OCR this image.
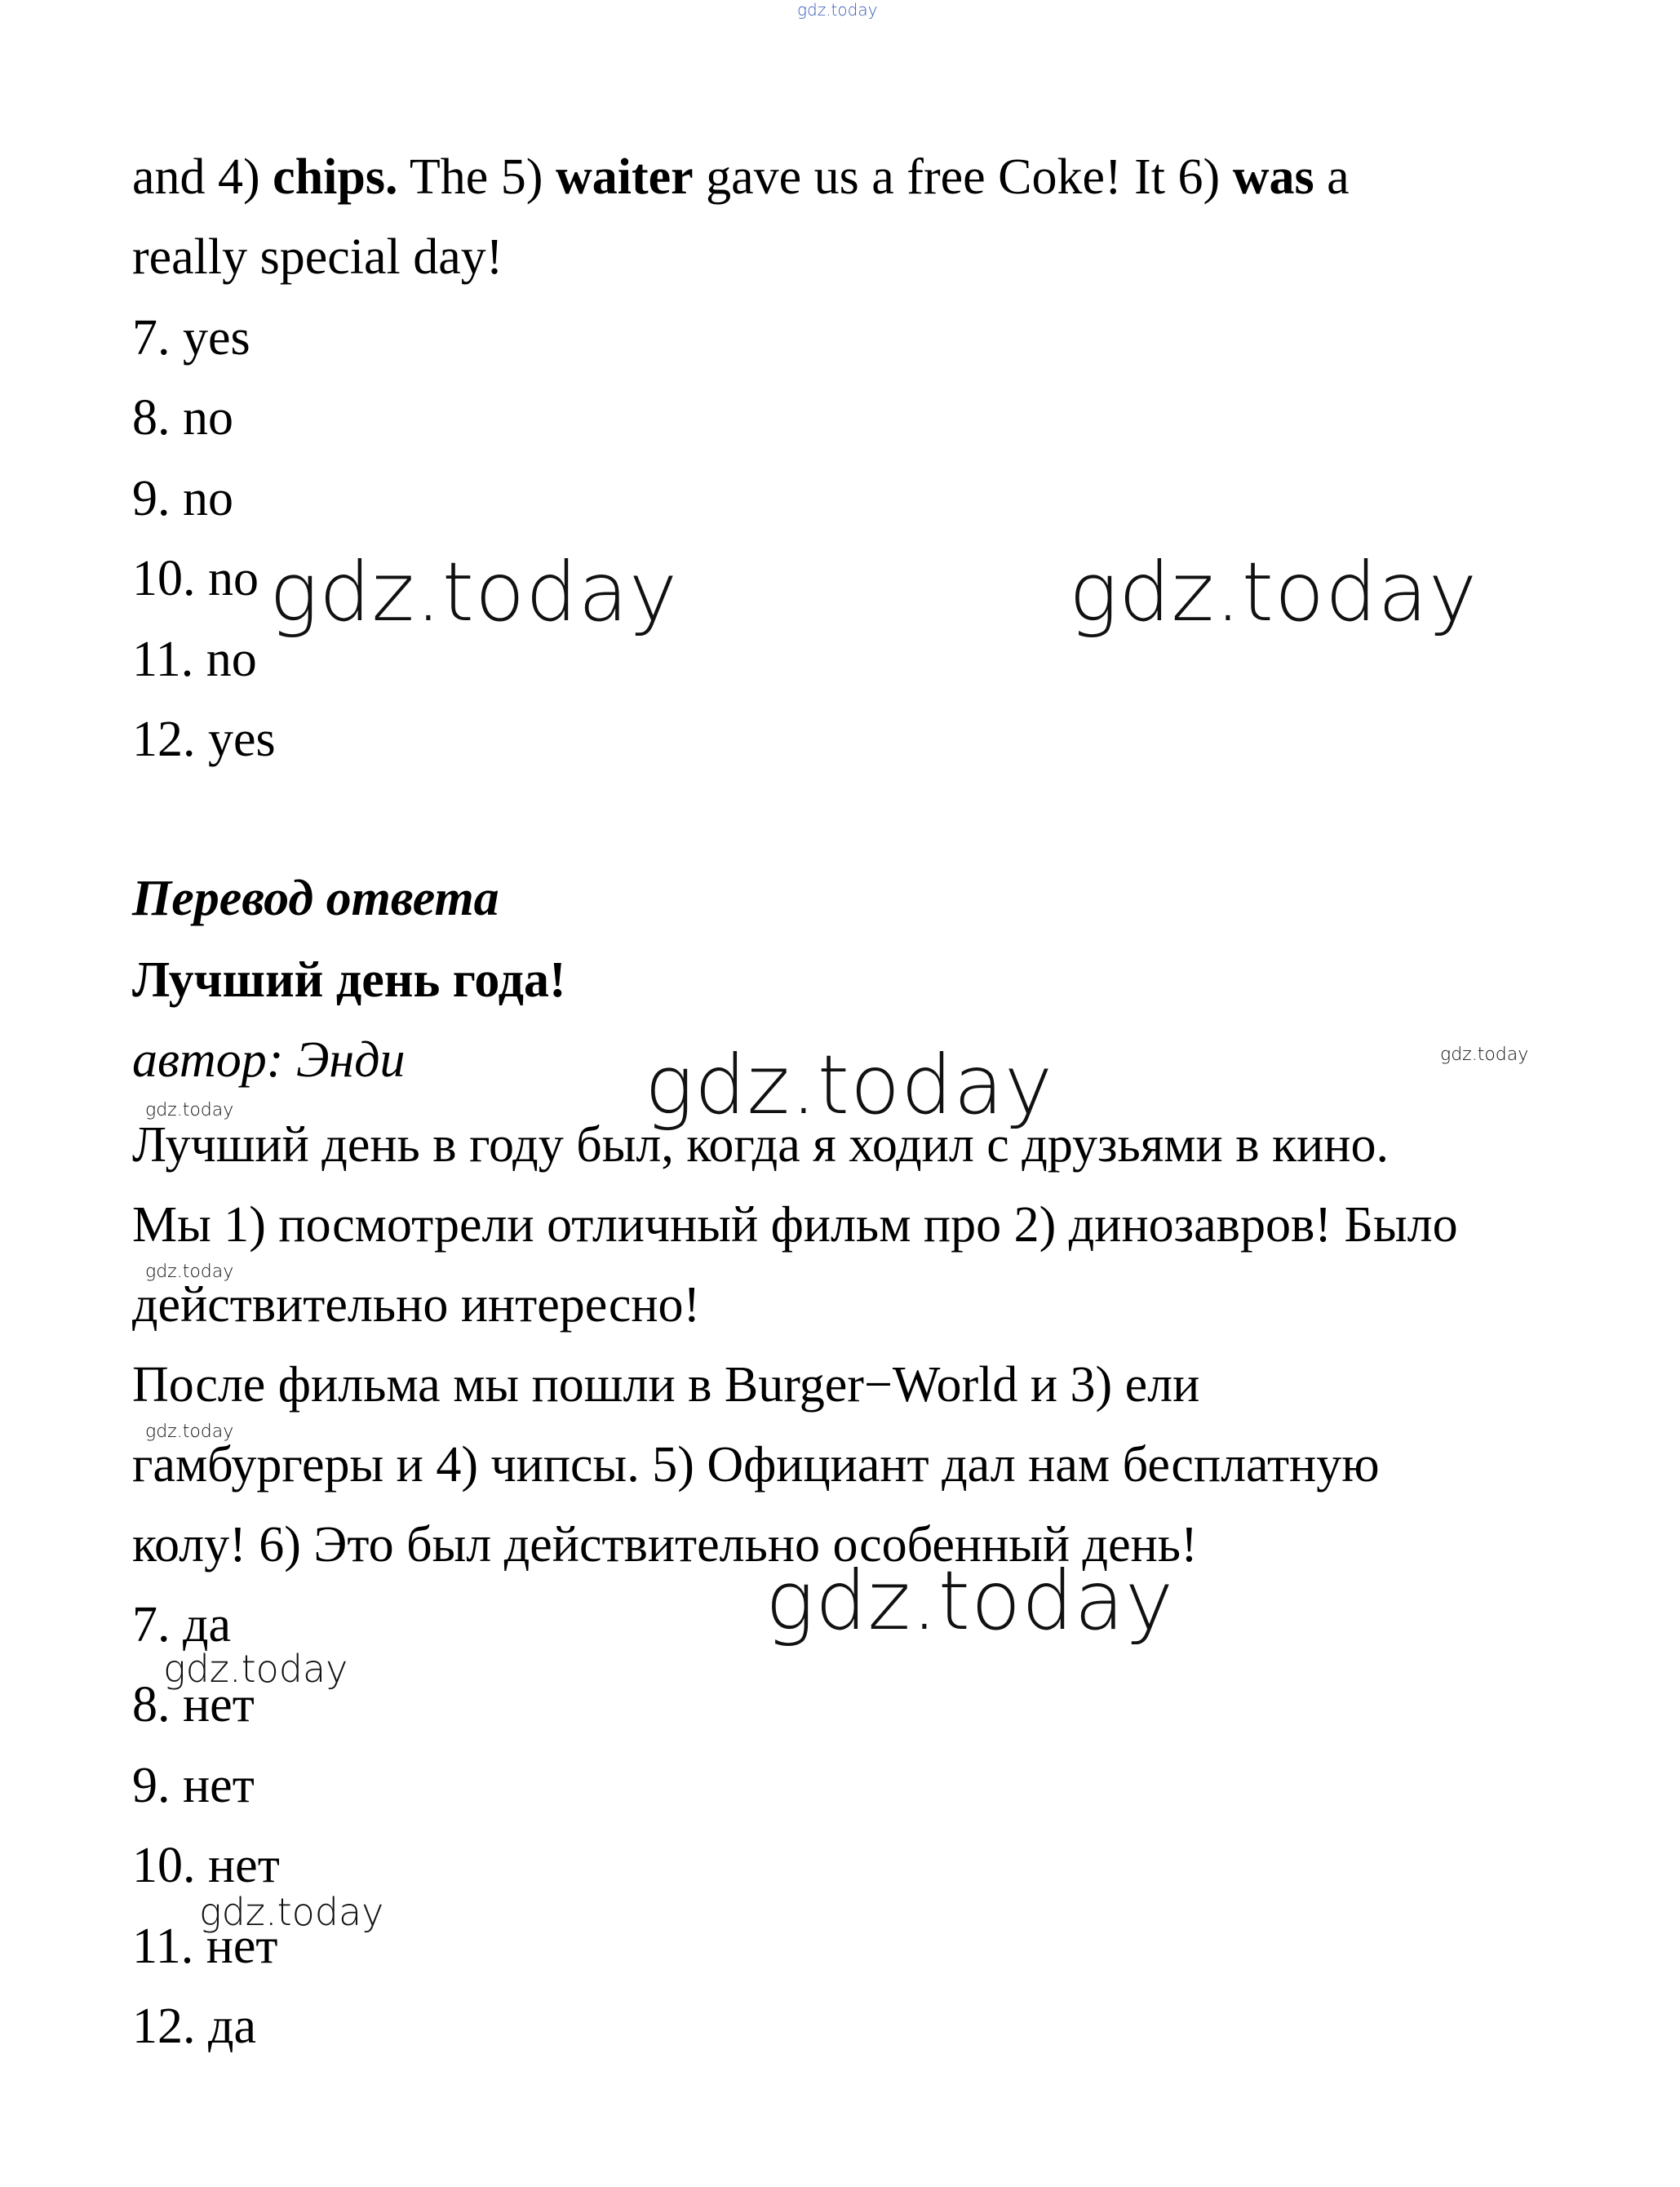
gdz.today
and 4) chips. The 5) waiter gave us a free Coke! It 6) was a
really special day!
7. yes
8. no
9. no
10. no
11. no
12. yes
gdz.today	gdz.today
Перевод ответа
Лучший день года!
автор: Энди	gdz.today	gdz.today
gdz.today
Лучший день в году был, когда я ходил с друзьями в кино.
Мы 1) посмотрели отличный фильм про 2) динозавров! Было
gdz.today
действительно интересно!
После фильма мы пошли в Burger−World и 3) ели
gdz.today
гамбургеры и 4) чипсы. 5) Официант дал нам бесплатную
колу! 6) Это был действительно особенный день!
gdz.today
7. да
gdz.today
8. нет
9. нет
10. нет
gdz.today
11. нет
12. да
